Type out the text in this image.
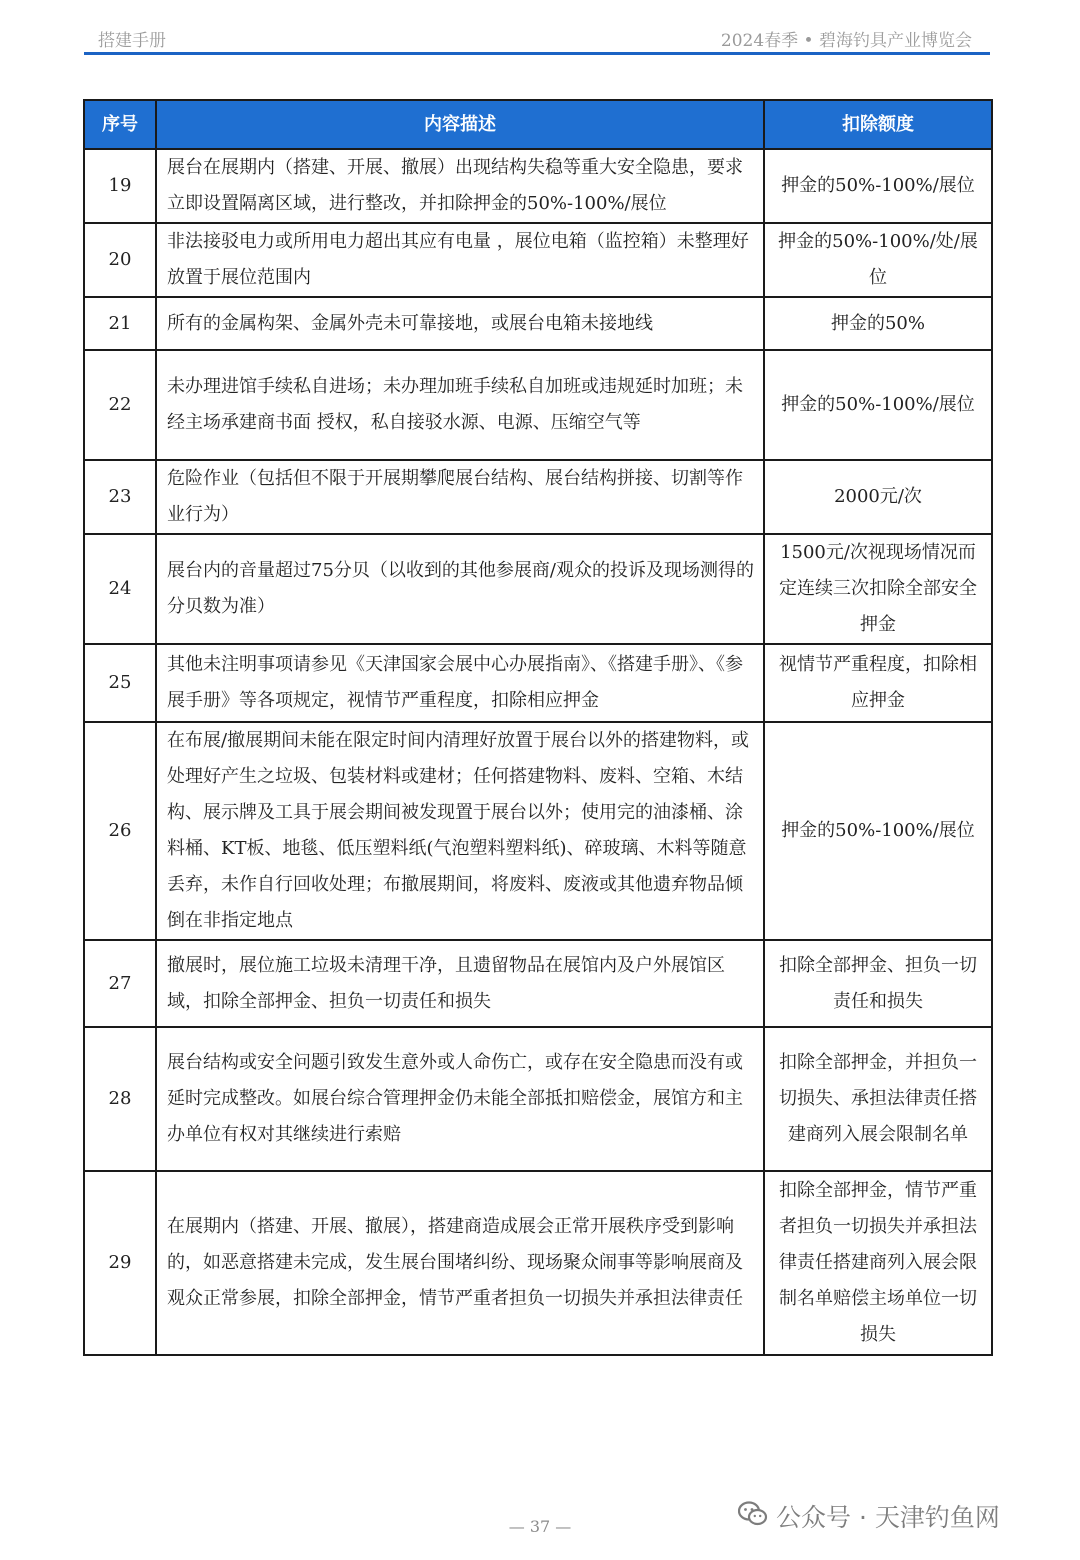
搭建手册	2024春季 • 碧海钓具产业博览会
序号	内容描述	扣除额度
19	展台在展期内（搭建、开展、撤展）出现结构失稳等重大安全隐患，要求立即设置隔离区域，进行整改，并扣除押金的50%-100%/展位	押金的50%-100%/展位
20	非法接驳电力或所用电力超出其应有电量 ，展位电箱（监控箱）未整理好放置于展位范围内	押金的50%-100%/处/展位
21	所有的金属构架、金属外壳未可靠接地，或展台电箱未接地线	押金的50%
22	未办理进馆手续私自进场；未办理加班手续私自加班或违规延时加班；未经主场承建商书面 授权，私自接驳水源、电源、压缩空气等	押金的50%-100%/展位
23	危险作业（包括但不限于开展期攀爬展台结构、展台结构拼接、切割等作业行为）	2000元/次
24	展台内的音量超过75分贝（以收到的其他参展商/观众的投诉及现场测得的分贝数为准）	1500元/次视现场情况而定连续三次扣除全部安全押金
25	其他未注明事项请参见《天津国家会展中心办展指南》、《搭建手册》、《参展手册》等各项规定，视情节严重程度，扣除相应押金	视情节严重程度，扣除相应押金
26	在布展/撤展期间未能在限定时间内清理好放置于展台以外的搭建物料，或处理好产生之垃圾、包装材料或建材；任何搭建物料、废料、空箱、木结构、展示牌及工具于展会期间被发现置于展台以外；使用完的油漆桶、涂料桶、KT板、地毯、低压塑料纸(气泡塑料塑料纸)、碎玻璃、木料等随意丢弃，未作自行回收处理；布撤展期间，将废料、废液或其他遗弃物品倾倒在非指定地点	押金的50%-100%/展位
27	撤展时，展位施工垃圾未清理干净，且遗留物品在展馆内及户外展馆区域，扣除全部押金、担负一切责任和损失	扣除全部押金、担负一切责任和损失
28	展台结构或安全问题引致发生意外或人命伤亡，或存在安全隐患而没有或延时完成整改。如展台综合管理押金仍未能全部抵扣赔偿金，展馆方和主办单位有权对其继续进行索赔	扣除全部押金，并担负一切损失、承担法律责任搭建商列入展会限制名单
29	在展期内（搭建、开展、撤展），搭建商造成展会正常开展秩序受到影响的，如恶意搭建未完成，发生展台围堵纠纷、现场聚众闹事等影响展商及观众正常参展，扣除全部押金，情节严重者担负一切损失并承担法律责任	扣除全部押金，情节严重者担负一切损失并承担法律责任搭建商列入展会限制名单赔偿主场单位一切损失
— 37 —	公众号 · 天津钓鱼网
